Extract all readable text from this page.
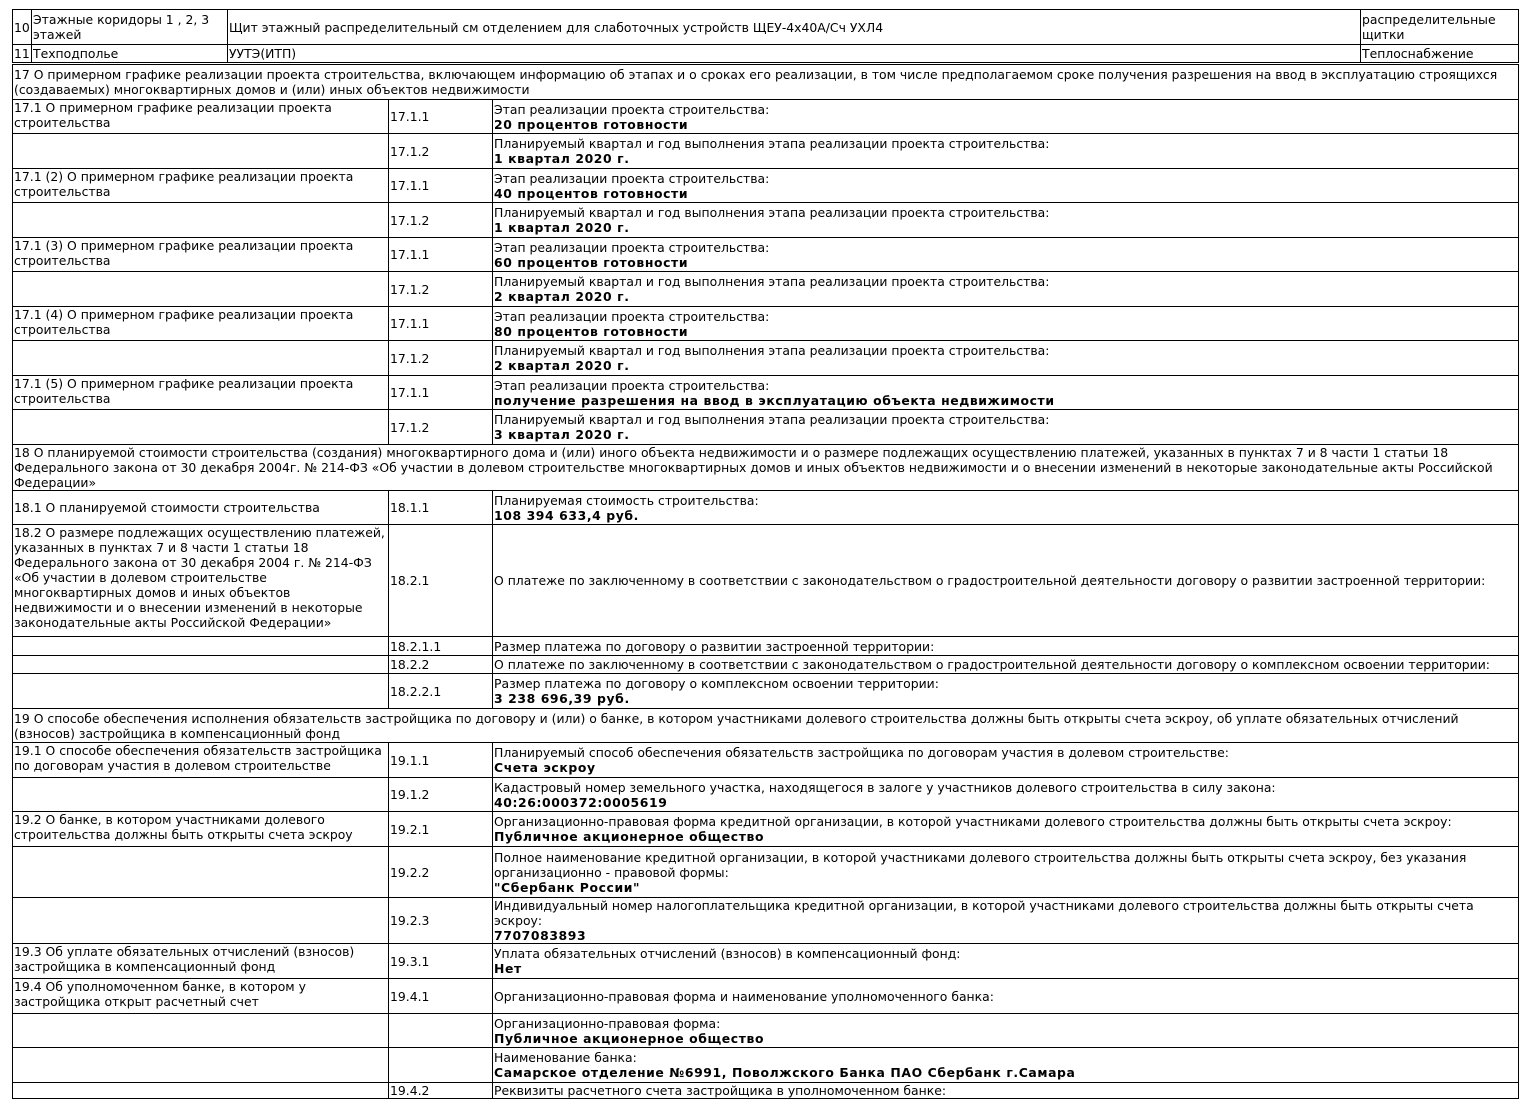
10	Этажные коридоры 1 , 2, 3 этажей	Щит этажный распределительный см отделением для слаботочных устройств ЩЕУ-4х40А/Сч УХЛ4	распределительные щитки
11	Техподполье	УУТЭ(ИТП)	Теплоснабжение
17 О примерном графике реализации проекта строительства, включающем информацию об этапах и о сроках его реализации, в том числе предполагаемом сроке получения разрешения на ввод в эксплуатацию строящихся (создаваемых) многоквартирных домов и (или) иных объектов недвижимости		
17.1 О примерном графике реализации проекта строительства	17.1.1	Этап реализации проекта строительства:
20 процентов готовности

	17.1.2	Планируемый квартал и год выполнения этапа реализации проекта строительства:
1 квартал 2020 г.

17.1 (2) О примерном графике реализации проекта строительства	17.1.1	Этап реализации проекта строительства:
40 процентов готовности

	17.1.2	Планируемый квартал и год выполнения этапа реализации проекта строительства:
1 квартал 2020 г.

17.1 (3) О примерном графике реализации проекта строительства	17.1.1	Этап реализации проекта строительства:
60 процентов готовности

	17.1.2	Планируемый квартал и год выполнения этапа реализации проекта строительства:
2 квартал 2020 г.

17.1 (4) О примерном графике реализации проекта строительства	17.1.1	Этап реализации проекта строительства:
80 процентов готовности

	17.1.2	Планируемый квартал и год выполнения этапа реализации проекта строительства:
2 квартал 2020 г.

17.1 (5) О примерном графике реализации проекта строительства	17.1.1	Этап реализации проекта строительства:
получение разрешения на ввод в эксплуатацию объекта недвижимости

	17.1.2	Планируемый квартал и год выполнения этапа реализации проекта строительства:
3 квартал 2020 г.

18 О планируемой стоимости строительства (создания) многоквартирного дома и (или) иного объекта недвижимости и о размере подлежащих осуществлению платежей, указанных в пунктах 7 и 8 части 1 статьи 18 Федерального закона от 30 декабря 2004г. № 214-ФЗ «Об участии в долевом строительстве многоквартирных домов и иных объектов недвижимости и о внесении изменений в некоторые законодательные акты Российской Федерации»		
18.1 О планируемой стоимости строительства	18.1.1	Планируемая стоимость строительства:
108 394 633,4 руб.

18.2 О размере подлежащих осуществлению платежей, указанных в пунктах 7 и 8 части 1 статьи 18 Федерального закона от 30 декабря 2004 г. № 214-ФЗ «Об участии в долевом строительстве многоквартирных домов и иных объектов недвижимости и о внесении изменений в некоторые законодательные акты Российской Федерации»	18.2.1	О платеже по заключенному в соответствии с законодательством о градостроительной деятельности договору о развитии застроенной территории:
	18.2.1.1	Размер платежа по договору о развитии застроенной территории:
	18.2.2	О платеже по заключенному в соответствии с законодательством о градостроительной деятельности договору о комплексном освоении территории:
	18.2.2.1	Размер платежа по договору о комплексном освоении территории:
3 238 696,39 руб.

19 О способе обеспечения исполнения обязательств застройщика по договору и (или) о банке, в котором участниками долевого строительства должны быть открыты счета эскроу, об уплате обязательных отчислений (взносов) застройщика в компенсационный фонд		
19.1 О способе обеспечения обязательств застройщика по договорам участия в долевом строительстве	19.1.1	Планируемый способ обеспечения обязательств застройщика по договорам участия в долевом строительстве:
Счета эскроу

	19.1.2	Кадастровый номер земельного участка, находящегося в залоге у участников долевого строительства в силу закона:
40:26:000372:0005619

19.2 О банке, в котором участниками долевого строительства должны быть открыты счета эскроу	19.2.1	Организационно-правовая форма кредитной организации, в которой участниками долевого строительства должны быть открыты счета эскроу:
Публичное акционерное общество

	19.2.2	Полное наименование кредитной организации, в которой участниками долевого строительства должны быть открыты счета эскроу, без указания организационно - правовой формы:
"Сбербанк России"

	19.2.3	Индивидуальный номер налогоплательщика кредитной организации, в которой участниками долевого строительства должны быть открыты счета эскроу:
7707083893

19.3 Об уплате обязательных отчислений (взносов) застройщика в компенсационный фонд	19.3.1	Уплата обязательных отчислений (взносов) в компенсационный фонд:
Нет

19.4 Об уполномоченном банке, в котором у застройщика открыт расчетный счет	19.4.1	Организационно-правовая форма и наименование уполномоченного банка:

		Организационно-правовая форма:
Публичное акционерное общество

		Наименование банка:
Самарское отделение №6991, Поволжского Банка ПАО Сбербанк г.Самара

	19.4.2	Реквизиты расчетного счета застройщика в уполномоченном банке:
